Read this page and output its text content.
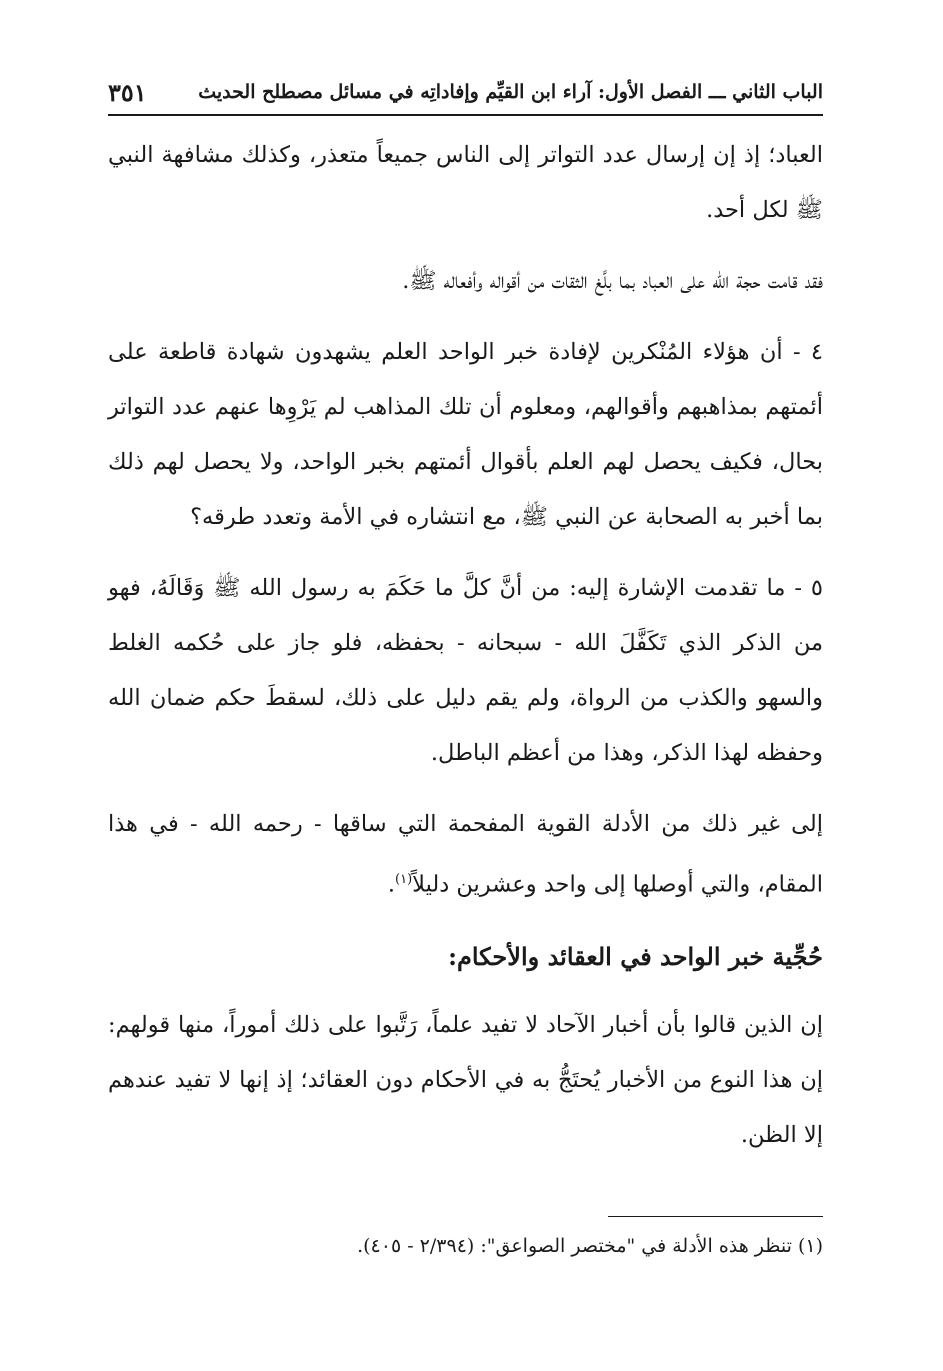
الباب الثاني ـــ الفصل الأول: آراء ابن القيِّم وإفاداتِه في مسائل مصطلح الحديث
٣٥١

العباد؛ إذ إن إرسال عدد التواتر إلى الناس جميعاً متعذر، وكذلك مشافهة النبي ﷺ لكل أحد.

فقد قامت حجة الله على العباد بما بلَّغ الثقات من أقواله وأفعاله ﷺ.

٤ - أن هؤلاء المُنْكرين لإفادة خبر الواحد العلم يشهدون شهادة قاطعة على أئمتهم بمذاهبهم وأقوالهم، ومعلوم أن تلك المذاهب لم يَرْوِها عنهم عدد التواتر بحال، فكيف يحصل لهم العلم بأقوال أئمتهم بخبر الواحد، ولا يحصل لهم ذلك بما أخبر به الصحابة عن النبي ﷺ، مع انتشاره في الأمة وتعدد طرقه؟

٥ - ما تقدمت الإشارة إليه: من أنَّ كلَّ ما حَكَمَ به رسول الله ﷺ وَقَالَهُ، فهو من الذكر الذي تَكَفَّلَ الله - سبحانه - بحفظه، فلو جاز على حُكمه الغلط والسهو والكذب من الرواة، ولم يقم دليل على ذلك، لسقطَ حكم ضمان الله وحفظه لهذا الذكر، وهذا من أعظم الباطل.

إلى غير ذلك من الأدلة القوية المفحمة التي ساقها - رحمه الله - في هذا المقام، والتي أوصلها إلى واحد وعشرين دليلاً$^{(١)}$.

حُجِّية خبر الواحد في العقائد والأحكام:

إن الذين قالوا بأن أخبار الآحاد لا تفيد علماً، رَتَّبوا على ذلك أموراً، منها قولهم: إن هذا النوع من الأخبار يُحتَجُّ به في الأحكام دون العقائد؛ إذ إنها لا تفيد عندهم إلا الظن.

(١) تنظر هذه الأدلة في "مختصر الصواعق": (٢/٣٩٤ - ٤٠٥).
